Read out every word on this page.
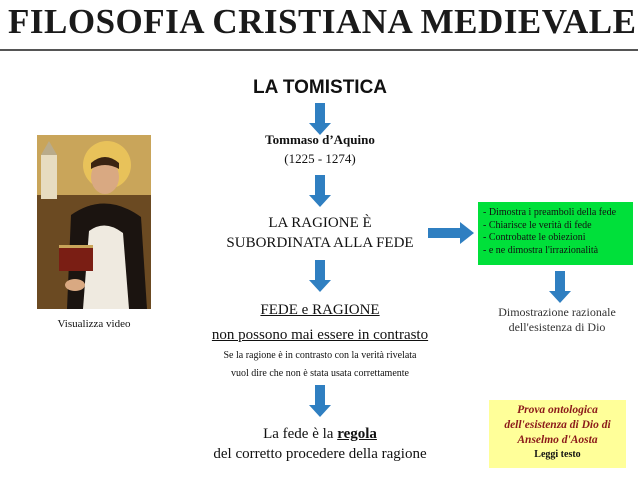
FILOSOFIA CRISTIANA MEDIEVALE
LA TOMISTICA
Tommaso d’Aquino
(1225 - 1274)
LA RAGIONE È
SUBORDINATA ALLA FEDE
- Dimostra i preamboli della fede
- Chiarisce le verità di fede
- Controbatte le obiezioni
- e ne dimostra l'irrazionalità
Dimostrazione razionale
dell'esistenza di Dio
FEDE e RAGIONE
non possono mai essere in contrasto
Se la ragione è in contrasto con la verità rivelata
vuol dire che non è stata usata correttamente
La fede è la regola
del corretto procedere della ragione
Visualizza video
Prova ontologica
dell'esistenza di Dio di
Anselmo d'Aosta
Leggi testo
